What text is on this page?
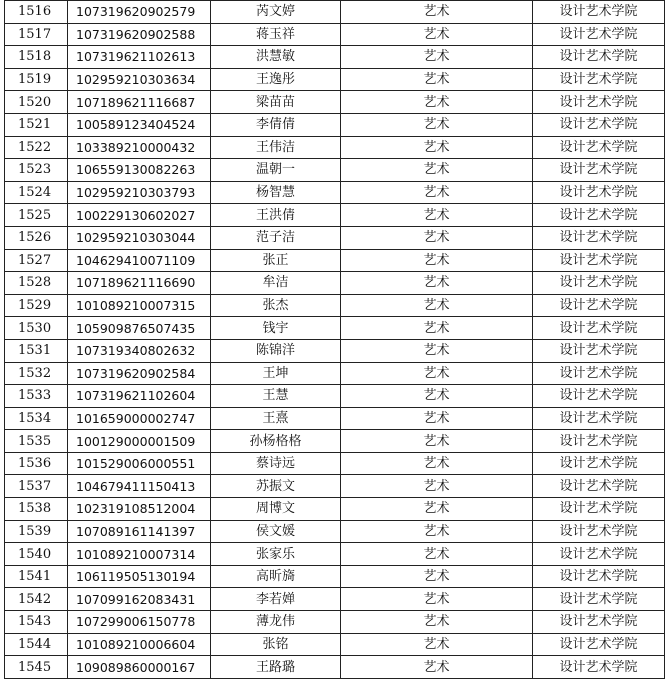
1516	107319620902579	芮文婷	艺术	设计艺术学院
1517	107319620902588	蒋玉祥	艺术	设计艺术学院
1518	107319621102613	洪慧敏	艺术	设计艺术学院
1519	102959210303634	王逸彤	艺术	设计艺术学院
1520	107189621116687	梁苗苗	艺术	设计艺术学院
1521	100589123404524	李倩倩	艺术	设计艺术学院
1522	103389210000432	王伟洁	艺术	设计艺术学院
1523	106559130082263	温朝一	艺术	设计艺术学院
1524	102959210303793	杨智慧	艺术	设计艺术学院
1525	100229130602027	王洪倩	艺术	设计艺术学院
1526	102959210303044	范子洁	艺术	设计艺术学院
1527	104629410071109	张正	艺术	设计艺术学院
1528	107189621116690	牟洁	艺术	设计艺术学院
1529	101089210007315	张杰	艺术	设计艺术学院
1530	105909876507435	钱宇	艺术	设计艺术学院
1531	107319340802632	陈锦洋	艺术	设计艺术学院
1532	107319620902584	王坤	艺术	设计艺术学院
1533	107319621102604	王慧	艺术	设计艺术学院
1534	101659000002747	王熹	艺术	设计艺术学院
1535	100129000001509	孙杨格格	艺术	设计艺术学院
1536	101529006000551	蔡诗远	艺术	设计艺术学院
1537	104679411150413	苏振文	艺术	设计艺术学院
1538	102319108512004	周博文	艺术	设计艺术学院
1539	107089161141397	侯文媛	艺术	设计艺术学院
1540	101089210007314	张家乐	艺术	设计艺术学院
1541	106119505130194	高昕旖	艺术	设计艺术学院
1542	107099162083431	李若婵	艺术	设计艺术学院
1543	107299006150778	薄龙伟	艺术	设计艺术学院
1544	101089210006604	张铭	艺术	设计艺术学院
1545	109089860000167	王路璐	艺术	设计艺术学院
